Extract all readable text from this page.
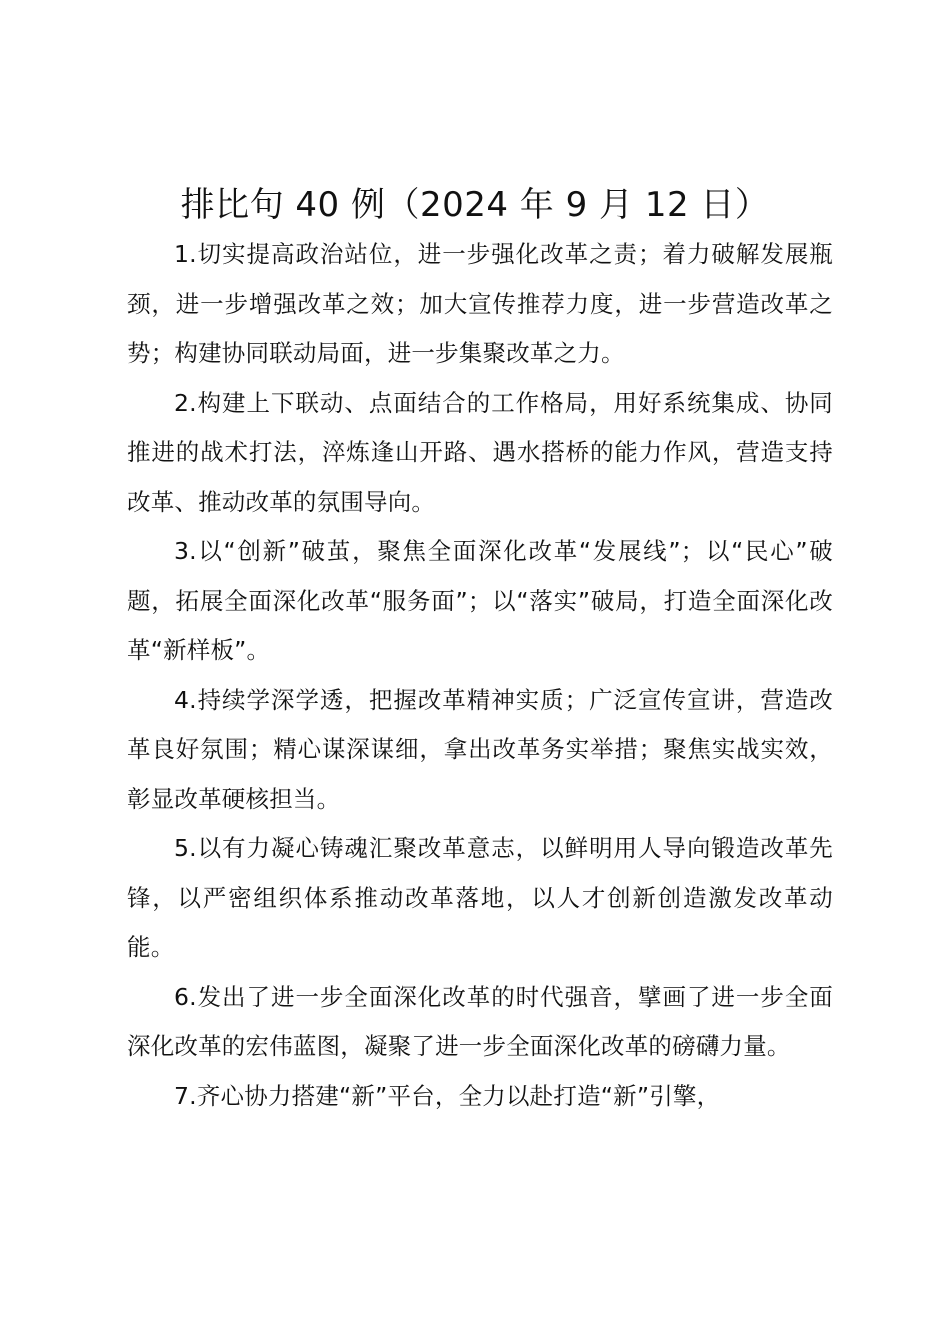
排比句 40 例（2024 年 9 月 12 日）

1.切实提高政治站位，进一步强化改革之责；着力破解发展瓶颈，进一步增强改革之效；加大宣传推荐力度，进一步营造改革之势；构建协同联动局面，进一步集聚改革之力。

2.构建上下联动、点面结合的工作格局，用好系统集成、协同推进的战术打法，淬炼逢山开路、遇水搭桥的能力作风，营造支持改革、推动改革的氛围导向。

3.以“创新”破茧，聚焦全面深化改革“发展线”；以“民心”破题，拓展全面深化改革“服务面”；以“落实”破局，打造全面深化改革“新样板”。

4.持续学深学透，把握改革精神实质；广泛宣传宣讲，营造改革良好氛围；精心谋深谋细，拿出改革务实举措；聚焦实战实效，彰显改革硬核担当。

5.以有力凝心铸魂汇聚改革意志，以鲜明用人导向锻造改革先锋，以严密组织体系推动改革落地，以人才创新创造激发改革动能。

6.发出了进一步全面深化改革的时代强音，擘画了进一步全面深化改革的宏伟蓝图，凝聚了进一步全面深化改革的磅礴力量。

7.齐心协力搭建“新”平台，全力以赴打造“新”引擎，
